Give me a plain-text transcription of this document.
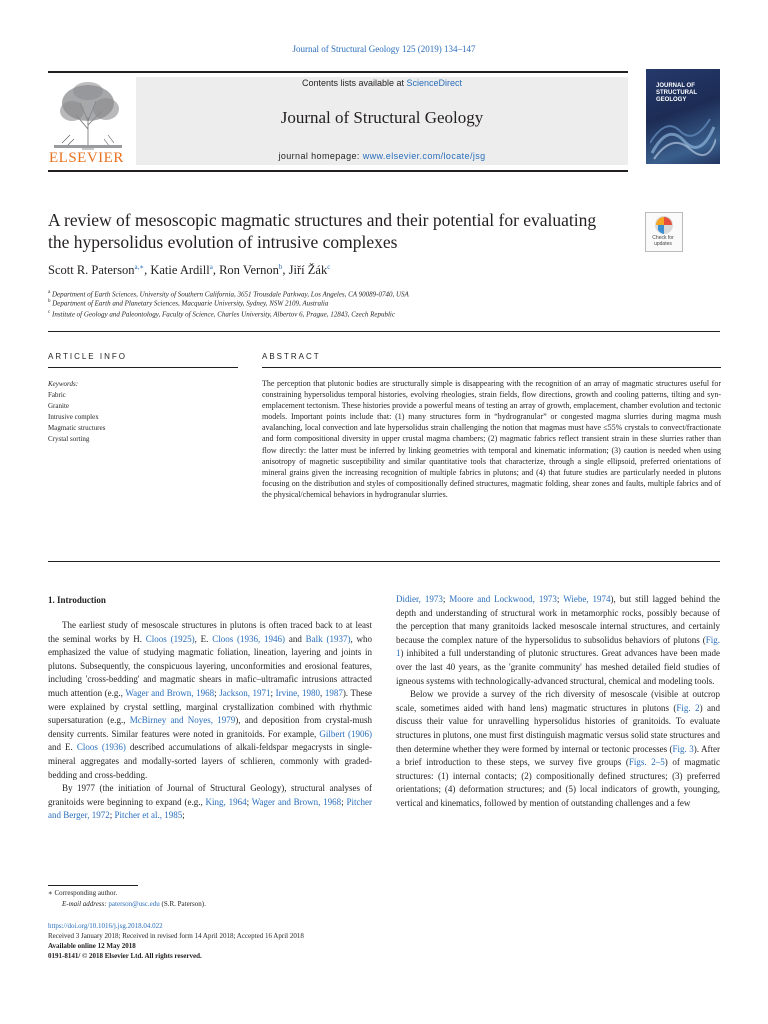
Journal of Structural Geology 125 (2019) 134–147
ELSEVIER
Contents lists available at ScienceDirect
Journal of Structural Geology
journal homepage: www.elsevier.com/locate/jsg
JOURNAL OF STRUCTURAL GEOLOGY
A review of mesoscopic magmatic structures and their potential for evaluating the hypersolidus evolution of intrusive complexes	Check for updates
Scott R. Paterson$^{a,∗}$, Katie Ardill$^a$, Ron Vernon$^b$, Jiří Žák$^c$
$^a$ Department of Earth Sciences, University of Southern California, 3651 Trousdale Parkway, Los Angeles, CA 90089-0740, USA
$^b$ Department of Earth and Planetary Sciences, Macquarie University, Sydney, NSW 2109, Australia
$^c$ Institute of Geology and Paleontology, Faculty of Science, Charles University, Albertov 6, Prague, 12843, Czech Republic
ARTICLE INFO	ABSTRACT
Keywords:
Fabric
Granite
Intrusive complex
Magmatic structures
Crystal sorting
The perception that plutonic bodies are structurally simple is disappearing with the recognition of an array of magmatic structures useful for constraining hypersolidus temporal histories, evolving rheologies, strain fields, flow directions, growth and cooling patterns, tilting and syn-emplacement tectonism. These histories provide a powerful means of testing an array of growth, emplacement, chamber evolution and tectonic models. Important points include that: (1) many structures form in “hydrogranular” or congested magma slurries during magma mush avalanching, local convection and late hypersolidus strain challenging the notion that magmas must have ≤55% crystals to convect/fractionate and form compositional diversity in upper crustal magma chambers; (2) magmatic fabrics reflect transient strain in these slurries rather than flow directly: the latter must be inferred by linking geometries with temporal and kinematic information; (3) caution is needed when using anisotropy of magnetic susceptibility and similar quantitative tools that characterize, through a single ellipsoid, preferred orientations of mineral grains given the increasing recognition of multiple fabrics in plutons; and (4) that future studies are particularly needed in plutons focusing on the distribution and styles of compositionally defined structures, magmatic folding, shear zones and faults, multiple fabrics and of the physical/chemical behaviors in hydrogranular slurries.
1. Introduction

The earliest study of mesoscale structures in plutons is often traced back to at least the seminal works by H. Cloos (1925), E. Cloos (1936, 1946) and Balk (1937), who emphasized the value of studying magmatic foliation, lineation, layering and joints in plutons. Subsequently, the conspicuous layering, unconformities and erosional features, including 'cross-bedding' and magmatic shears in mafic–ultramafic intrusions attracted much attention (e.g., Wager and Brown, 1968; Jackson, 1971; Irvine, 1980, 1987). These were explained by crystal settling, marginal crystallization combined with rhythmic supersaturation (e.g., McBirney and Noyes, 1979), and deposition from crystal-mush density currents. Similar features were noted in granitoids. For example, Gilbert (1906) and E. Cloos (1936) described accumulations of alkali-feldspar megacrysts in single-mineral aggregates and modally-sorted layers of schlieren, commonly with graded-bedding and cross-bedding.

By 1977 (the initiation of Journal of Structural Geology), structural analyses of granitoids were beginning to expand (e.g., King, 1964; Wager and Brown, 1968; Pitcher and Berger, 1972; Pitcher et al., 1985;

Didier, 1973; Moore and Lockwood, 1973; Wiebe, 1974), but still lagged behind the depth and understanding of structural work in metamorphic rocks, possibly because of the perception that many granitoids lacked mesoscale internal structures, and certainly because the complex nature of the hypersolidus to subsolidus behaviors of plutons (Fig. 1) inhibited a full understanding of plutonic structures. Great advances have been made over the last 40 years, as the 'granite community' has meshed detailed field studies of igneous systems with technologically-advanced structural, chemical and modeling tools.

Below we provide a survey of the rich diversity of mesoscale (visible at outcrop scale, sometimes aided with hand lens) magmatic structures in plutons (Fig. 2) and discuss their value for unravelling hypersolidus histories of granitoids. To evaluate structures in plutons, one must first distinguish magmatic versus solid state structures and then determine whether they were formed by internal or tectonic processes (Fig. 3). After a brief introduction to these steps, we survey five groups (Figs. 2–5) of magmatic structures: (1) internal contacts; (2) compositionally defined structures; (3) preferred orientations; (4) deformation structures; and (5) local indicators of growth, younging, vertical and kinematics, followed by mention of outstanding challenges and a few

∗ Corresponding author.
E-mail address: paterson@usc.edu (S.R. Paterson).
https://doi.org/10.1016/j.jsg.2018.04.022
Received 3 January 2018; Received in revised form 14 April 2018; Accepted 16 April 2018
Available online 12 May 2018
0191-8141/ © 2018 Elsevier Ltd. All rights reserved.
